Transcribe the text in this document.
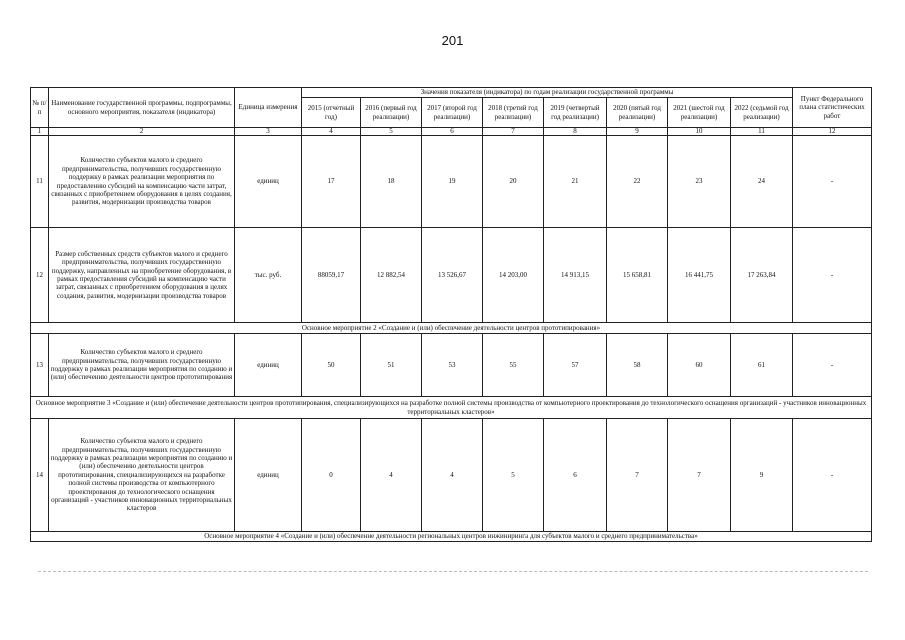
201
№ п/п	Наименование государственной программы, подпрограммы, основного мероприятия, показателя (индикатора)	Единица измерения	Значения показателя (индикатора) по годам реализации государственной программы								Пункт Федерального плана статистических работ
			2015 (отчетный год)	2016 (первый год реализации)	2017 (второй год реализации)	2018 (третий год реализации)	2019 (четвертый год реализации)	2020 (пятый год реализации)	2021 (шестой год реализации)	2022 (седьмой год реализации)	
1	2	3	4	5	6	7	8	9	10	11	12
11	Количество субъектов малого и среднего предпринимательства, получивших государственную поддержку в рамках реализации мероприятия по предоставлению субсидий на компенсацию части затрат, связанных с приобретением оборудования в целях создания, развития, модернизации производства товаров	единиц	17	18	19	20	21	22	23	24	-
12	Размер собственных средств субъектов малого и среднего предпринимательства, получивших государственную поддержку, направленных на приобретение оборудования, в рамках предоставления субсидий на компенсацию части затрат, связанных с приобретением оборудования в целях создания, развития, модернизации производства товаров	тыс. руб.	88059,17	12 882,54	13 526,67	14 203,00	14 913,15	15 658,81	16 441,75	17 263,84	-
Основное мероприятие 2 «Создание и (или) обеспечение деятельности центров прототипирования»											
13	Количество субъектов малого и среднего предпринимательства, получивших государственную поддержку в рамках реализации мероприятия по созданию и (или) обеспечению деятельности центров прототипирования	единиц	50	51	53	55	57	58	60	61	-
Основное мероприятие 3 «Создание и (или) обеспечение деятельности центров прототипирования, специализирующихся на разработке полной системы производства от компьютерного проектирования до технологического оснащения организаций - участников инновационных территориальных кластеров»											
14	Количество субъектов малого и среднего предпринимательства, получивших государственную поддержку в рамках реализации мероприятия по созданию и (или) обеспечению деятельности центров прототипирования, специализирующихся на разработке полной системы производства от компьютерного проектирования до технологического оснащения организаций - участников инновационных территориальных кластеров	единиц	0	4	4	5	6	7	7	9	-
Основное мероприятие 4 «Создание и (или) обеспечение деятельности региональных центров инжиниринга для субъектов малого и среднего предпринимательства»											
